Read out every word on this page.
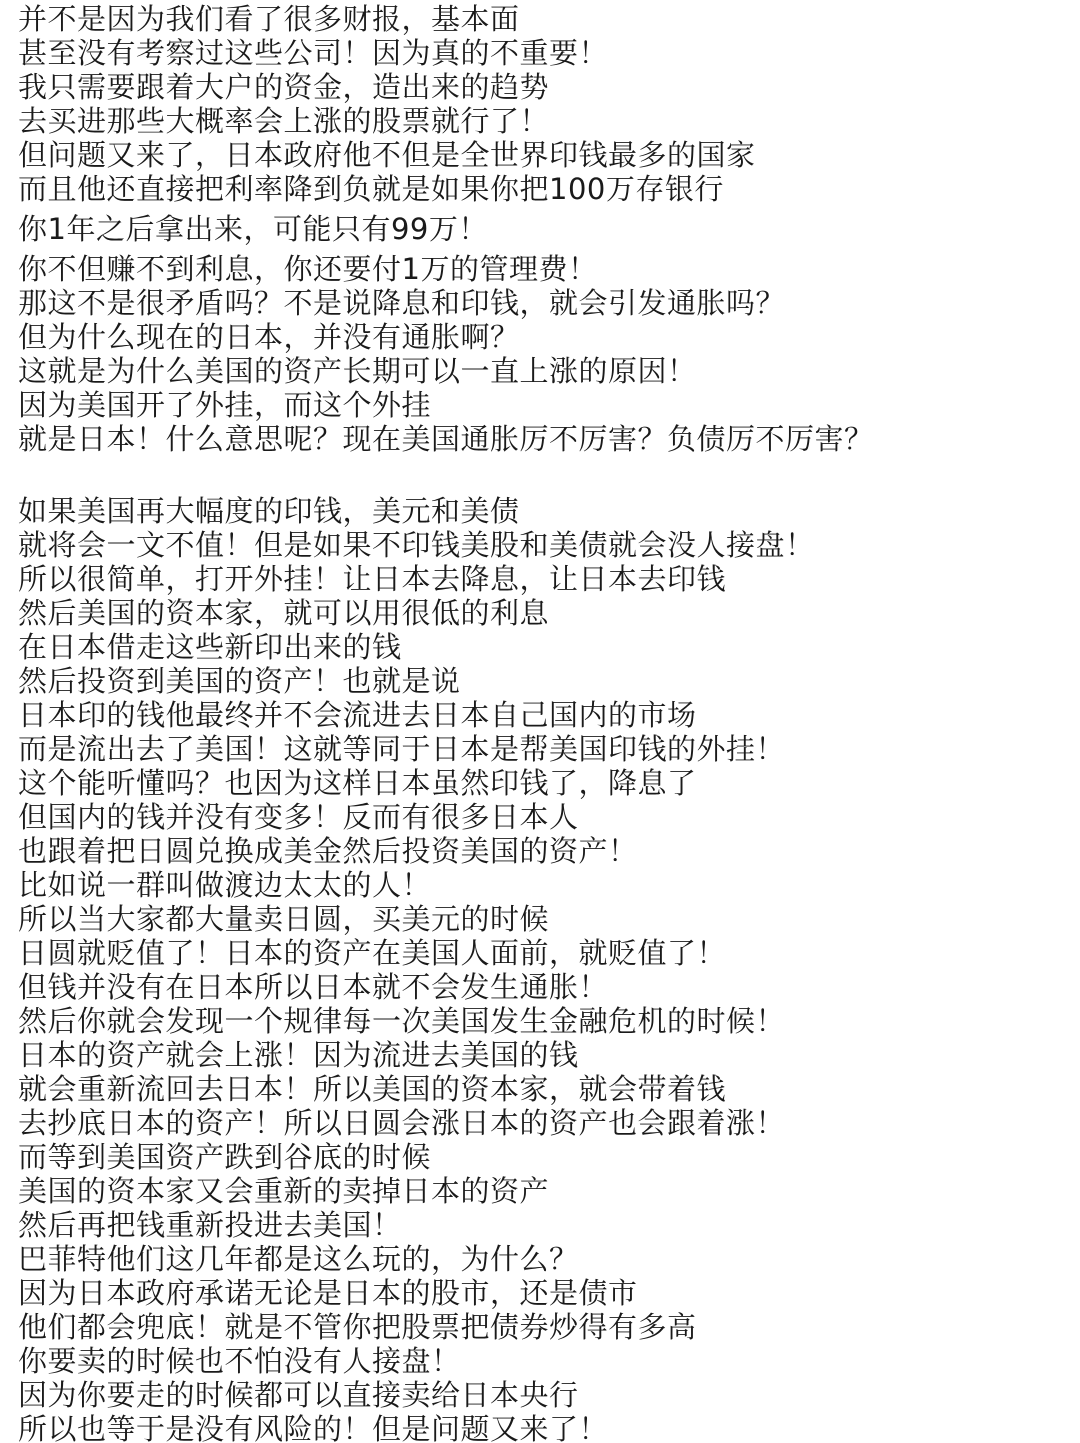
并不是因为我们看了很多财报，基本面
甚至没有考察过这些公司！因为真的不重要！
我只需要跟着大户的资金，造出来的趋势
去买进那些大概率会上涨的股票就行了！
但问题又来了，日本政府他不但是全世界印钱最多的国家
而且他还直接把利率降到负就是如果你把100万存银行
你1年之后拿出来，可能只有99万！
你不但赚不到利息，你还要付1万的管理费！
那这不是很矛盾吗？不是说降息和印钱，就会引发通胀吗？
但为什么现在的日本，并没有通胀啊？
这就是为什么美国的资产长期可以一直上涨的原因！
因为美国开了外挂，而这个外挂
就是日本！什么意思呢？现在美国通胀厉不厉害？负债厉不厉害？
如果美国再大幅度的印钱，美元和美债
就将会一文不值！但是如果不印钱美股和美债就会没人接盘！
所以很简单，打开外挂！让日本去降息，让日本去印钱
然后美国的资本家，就可以用很低的利息
在日本借走这些新印出来的钱
然后投资到美国的资产！也就是说
日本印的钱他最终并不会流进去日本自己国内的市场
而是流出去了美国！这就等同于日本是帮美国印钱的外挂！
这个能听懂吗？也因为这样日本虽然印钱了，降息了
但国内的钱并没有变多！反而有很多日本人
也跟着把日圆兑换成美金然后投资美国的资产！
比如说一群叫做渡边太太的人！
所以当大家都大量卖日圆，买美元的时候
日圆就贬值了！日本的资产在美国人面前，就贬值了！
但钱并没有在日本所以日本就不会发生通胀！
然后你就会发现一个规律每一次美国发生金融危机的时候！
日本的资产就会上涨！因为流进去美国的钱
就会重新流回去日本！所以美国的资本家，就会带着钱
去抄底日本的资产！所以日圆会涨日本的资产也会跟着涨！
而等到美国资产跌到谷底的时候
美国的资本家又会重新的卖掉日本的资产
然后再把钱重新投进去美国！
巴菲特他们这几年都是这么玩的，为什么？
因为日本政府承诺无论是日本的股市，还是债市
他们都会兜底！就是不管你把股票把债券炒得有多高
你要卖的时候也不怕没有人接盘！
因为你要走的时候都可以直接卖给日本央行
所以也等于是没有风险的！但是问题又来了！
